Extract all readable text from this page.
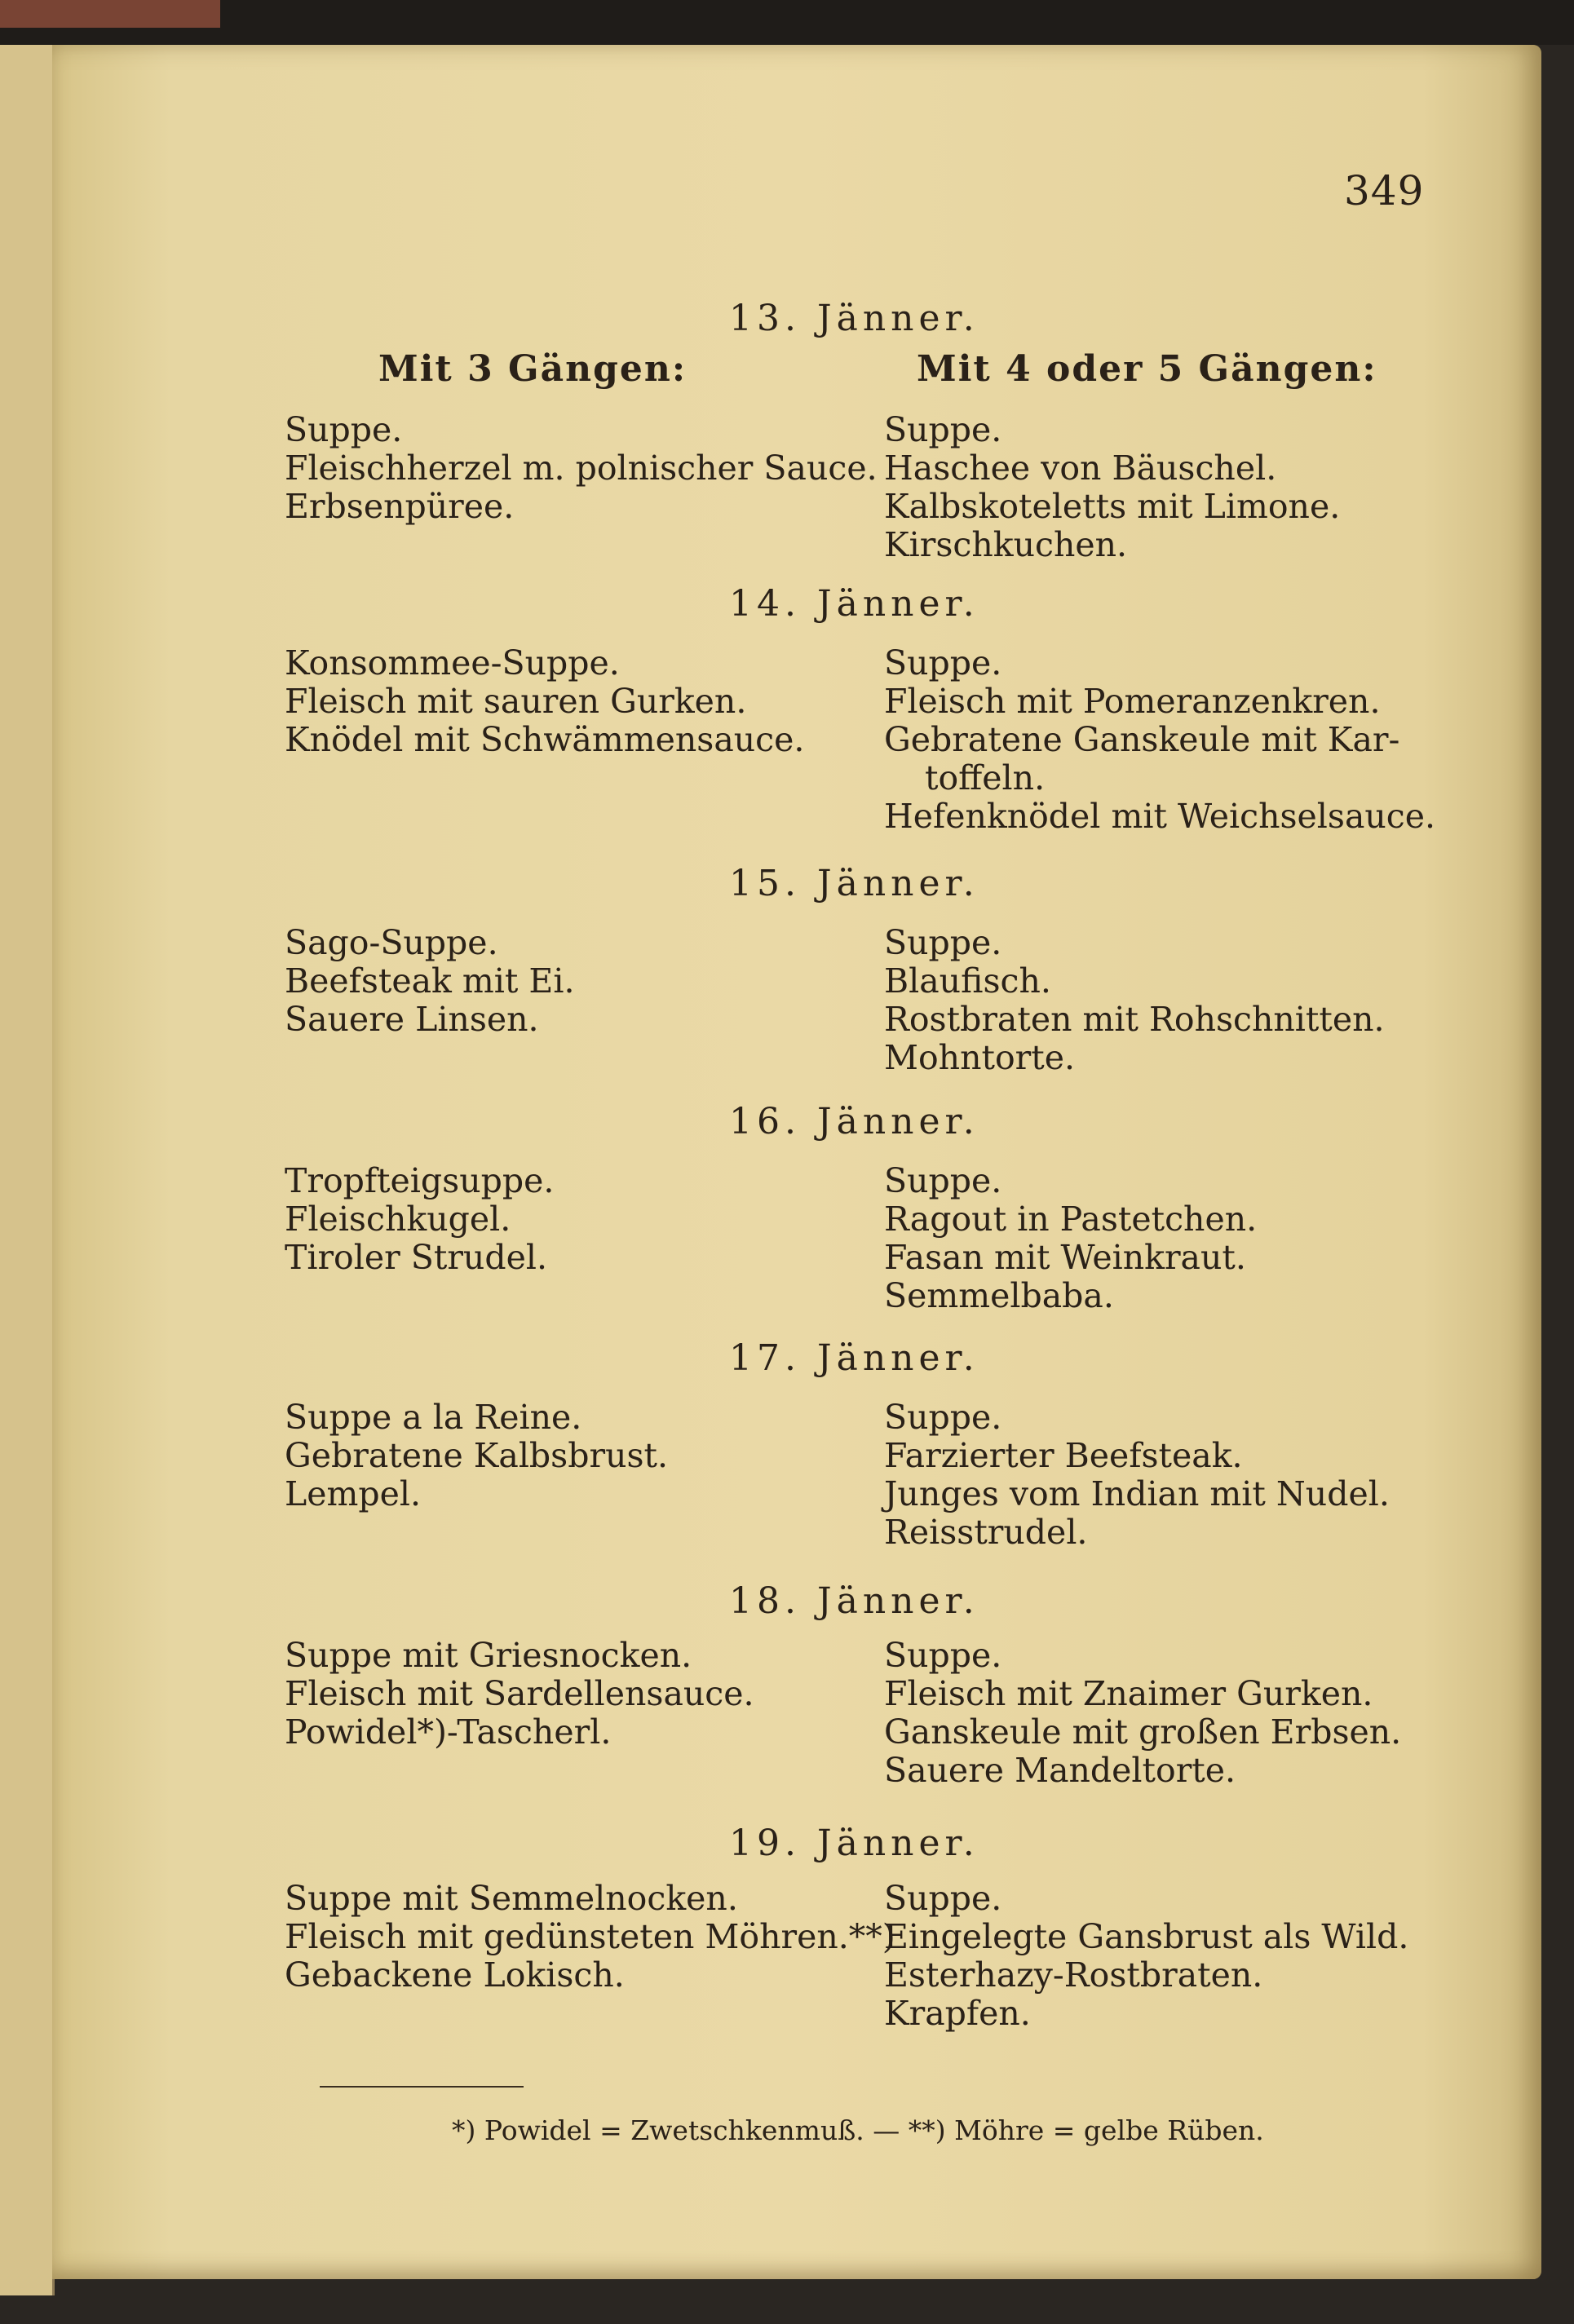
349
13. Jänner.
Mit 3 Gängen:	Mit 4 oder 5 Gängen:
Suppe.
Fleischherzel m. polnischer Sauce.
Erbsenpüree.
Suppe.
Haschee von Bäuschel.
Kalbskoteletts mit Limone.
Kirschkuchen.
14. Jänner.
Konsommee-Suppe.
Fleisch mit sauren Gurken.
Knödel mit Schwämmensauce.
Suppe.
Fleisch mit Pomeranzenkren.
Gebratene Ganskeule mit Kar-
toffeln.
Hefenknödel mit Weichselsauce.
15. Jänner.
Sago-Suppe.
Beefsteak mit Ei.
Sauere Linsen.
Suppe.
Blaufisch.
Rostbraten mit Rohschnitten.
Mohntorte.
16. Jänner.
Tropfteigsuppe.
Fleischkugel.
Tiroler Strudel.
Suppe.
Ragout in Pastetchen.
Fasan mit Weinkraut.
Semmelbaba.
17. Jänner.
Suppe a la Reine.
Gebratene Kalbsbrust.
Lempel.
Suppe.
Farzierter Beefsteak.
Junges vom Indian mit Nudel.
Reisstrudel.
18. Jänner.
Suppe mit Griesnocken.
Fleisch mit Sardellensauce.
Powidel*)-Tascherl.
Suppe.
Fleisch mit Znaimer Gurken.
Ganskeule mit großen Erbsen.
Sauere Mandeltorte.
19. Jänner.
Suppe mit Semmelnocken.
Fleisch mit gedünsteten Möhren.**)
Gebackene Lokisch.
Suppe.
Eingelegte Gansbrust als Wild.
Esterhazy-Rostbraten.
Krapfen.
*) Powidel = Zwetschkenmuß. — **) Möhre = gelbe Rüben.
